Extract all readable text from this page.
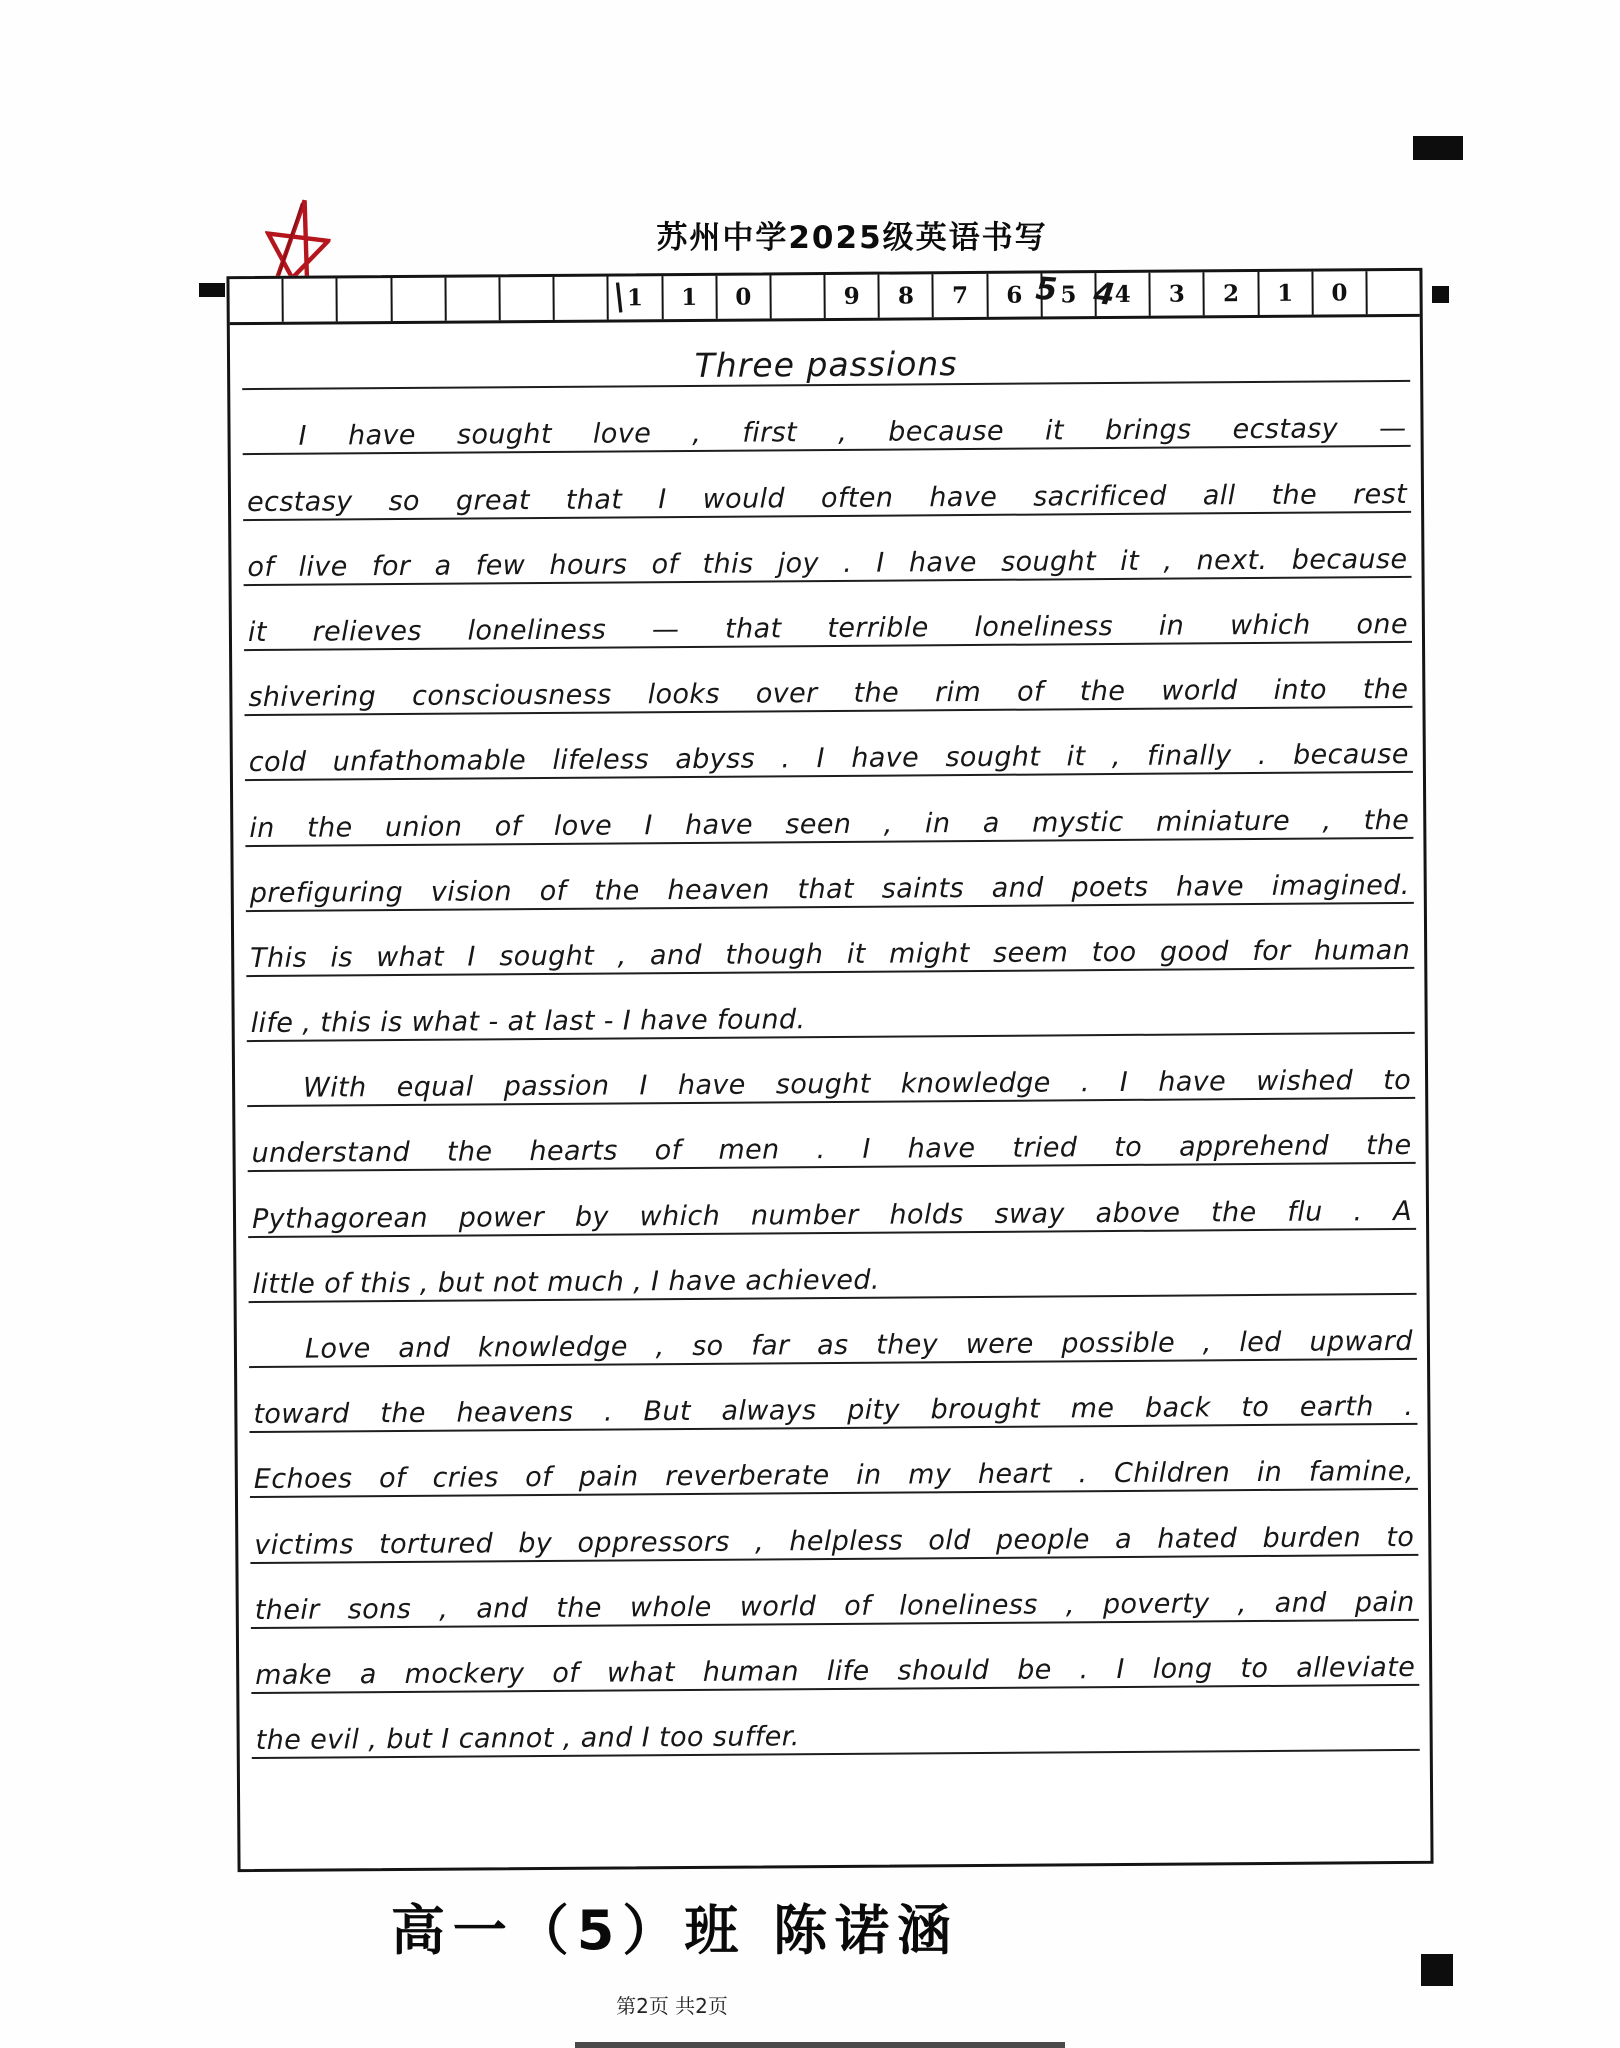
苏州中学2025级英语书写
1	1	0	9	8	7	6	5	4	3	2	1	0
Three passions
I have sought love , first , because it brings ecstasy —
ecstasy so great that I would often have sacrificed all the rest
of live for a few hours of this joy . I have sought it , next. because
it relieves loneliness — that terrible loneliness in which one
shivering consciousness looks over the rim of the world into the
cold unfathomable lifeless abyss . I have sought it , finally . because
in the union of love I have seen , in a mystic miniature , the
prefiguring vision of the heaven that saints and poets have imagined.
This is what I sought , and though it might seem too good for human
life , this is what - at last - I have found.
With equal passion I have sought knowledge . I have wished to
understand the hearts of men . I have tried to apprehend the
Pythagorean power by which number holds sway above the flu . A
little of this , but not much , I have achieved.
Love and knowledge , so far as they were possible , led upward
toward the heavens . But always pity brought me back to earth .
Echoes of cries of pain reverberate in my heart . Children in famine,
victims tortured by oppressors , helpless old people a hated burden to
their sons , and the whole world of loneliness , poverty , and pain
make a mockery of what human life should be . I long to alleviate
the evil , but I cannot , and I too suffer.
|	5 4
高一（5）班 陈诺涵
第2页 共2页
